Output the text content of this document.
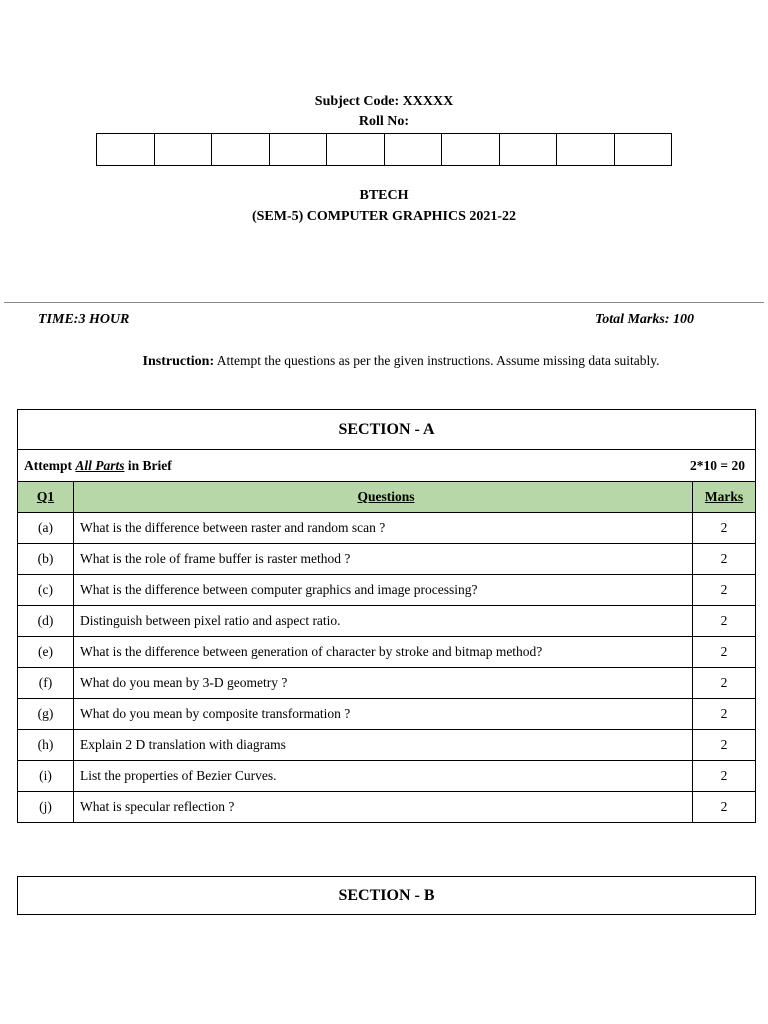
Subject Code: XXXXX
Roll No:
BTECH
(SEM-5) COMPUTER GRAPHICS 2021-22
TIME:3 HOUR	Total Marks: 100
Instruction: Attempt the questions as per the given instructions. Assume missing data suitably.
SECTION - A
Attempt All Parts in Brief	2*10 = 20
Q1	Questions	Marks
(a)	What is the difference between raster and random scan ?	2
(b)	What is the role of frame buffer is raster method ?	2
(c)	What is the difference between computer graphics and image processing?	2
(d)	Distinguish between pixel ratio and aspect ratio.	2
(e)	What is the difference between generation of character by stroke and bitmap method?	2
(f)	What do you mean by 3-D geometry ?	2
(g)	What do you mean by composite transformation ?	2
(h)	Explain 2 D translation with diagrams	2
(i)	List the properties of Bezier Curves.	2
(j)	What is specular reflection ?	2
SECTION - B
